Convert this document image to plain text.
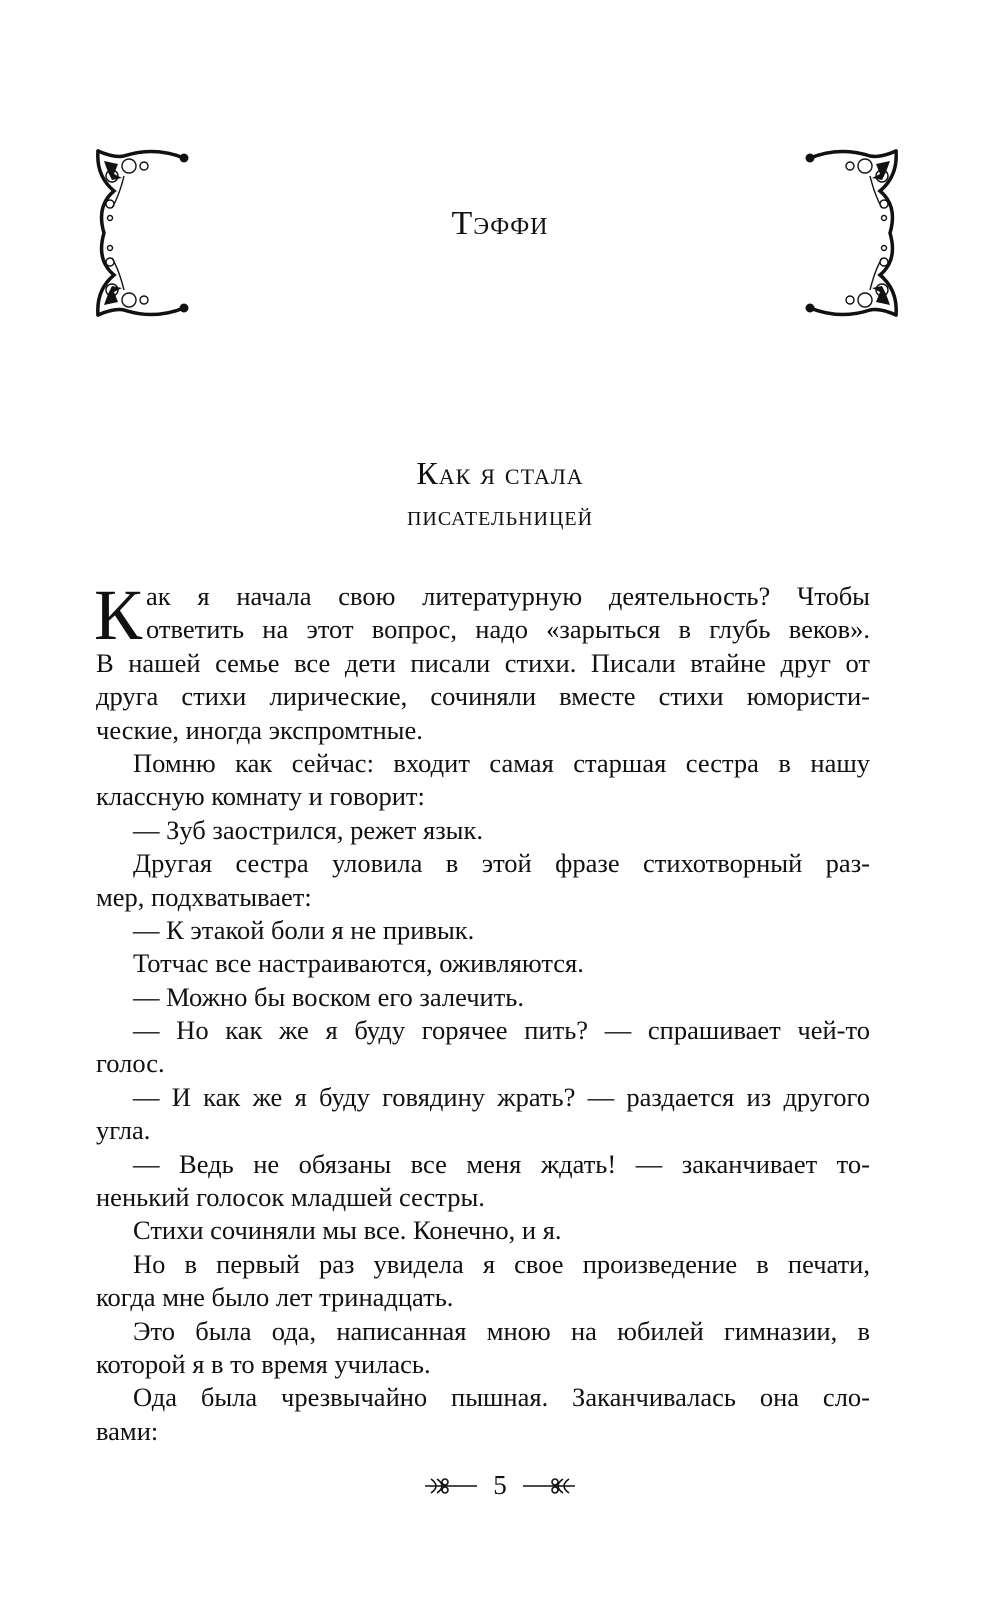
Тэффи
Как я стала
писательницей
К ак я начала свою литературную деятельность? Чтобы
ответить на этот вопрос, надо «зарыться в глубь веков».
В нашей семье все дети писали стихи. Писали втайне друг от
друга стихи лирические, сочиняли вместе стихи юмористи-
ческие, иногда экспромтные.
Помню как сейчас: входит самая старшая сестра в нашу
классную комнату и говорит:
— Зуб заострился, режет язык.
Другая сестра уловила в этой фразе стихотворный раз-
мер, подхватывает:
— К этакой боли я не привык.
Тотчас все настраиваются, оживляются.
— Можно бы воском его залечить.
— Но как же я буду горячее пить? — спрашивает чей-то
голос.
— И как же я буду говядину жрать? — раздается из другого
угла.
— Ведь не обязаны все меня ждать! — заканчивает то-
ненький голосок младшей сестры.
Стихи сочиняли мы все. Конечно, и я.
Но в первый раз увидела я свое произведение в печати,
когда мне было лет тринадцать.
Это была ода, написанная мною на юбилей гимназии, в
которой я в то время училась.
Ода была чрезвычайно пышная. Заканчивалась она сло-
вами:
5
